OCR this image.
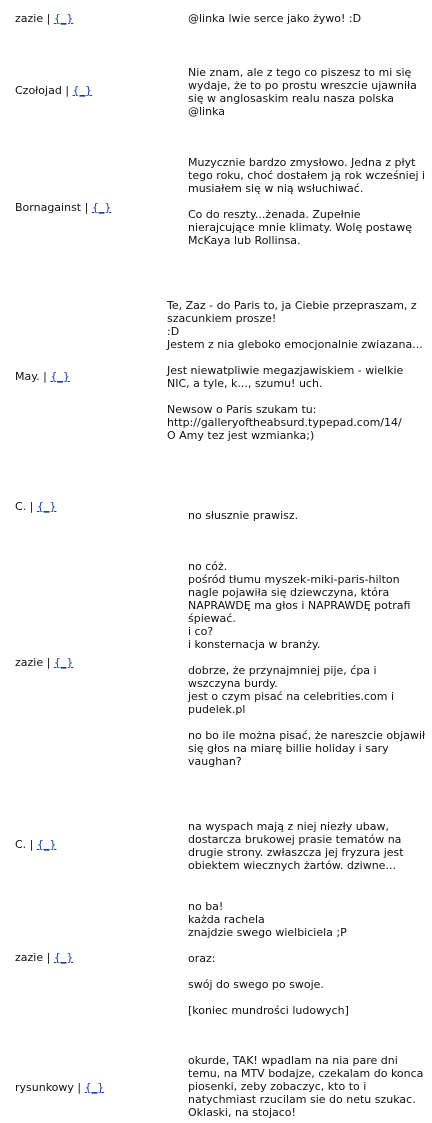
zazie | {_}	@linka lwie serce jako żywo! :D
Czołojad | {_}
Nie znam, ale z tego co piszesz to mi się wydaje, że to po prostu wreszcie ujawniła się w anglosaskim realu nasza polska @linka
Bornagainst | {_}
Muzycznie bardzo zmysłowo. Jedna z płyt tego roku, choć dostałem ją rok wcześniej i musiałem się w nią wsłuchiwać.

Co do reszty...żenada. Zupełnie nierajcujące mnie klimaty. Wolę postawę McKaya lub Rollinsa.
May. | {_}
Te, Zaz - do Paris to, ja Ciebie przepraszam, z szacunkiem prosze!
:D
Jestem z nia gleboko emocjonalnie zwiazana...

Jest niewatpliwie megazjawiskiem - wielkie NIC, a tyle, k..., szumu! uch.

Newsow o Paris szukam tu:
http://galleryoftheabsurd.typepad.com/14/
O Amy tez jest wzmianka;)
C. | {_}
no słusznie prawisz.
zazie | {_}
no cóż.
pośród tłumu myszek-miki-paris-hilton nagle pojawiła się dziewczyna, która NAPRAWDĘ ma głos i NAPRAWDĘ potrafi śpiewać.
i co?
i konsternacja w branży.

dobrze, że przynajmniej pije, ćpa i wszczyna burdy.
jest o czym pisać na celebrities.com i pudelek.pl

no bo ile można pisać, że nareszcie objawił się głos na miarę billie holiday i sary vaughan?
C. | {_}
na wyspach mają z niej niezły ubaw, dostarcza brukowej prasie tematów na drugie strony. zwłaszcza jej fryzura jest obiektem wiecznych żartów. dziwne...
zazie | {_}
no ba!
każda rachela
znajdzie swego wielbiciela ;P

oraz:

swój do swego po swoje.

[koniec mundrości ludowych]
rysunkowy | {_}
okurde, TAK! wpadlam na nia pare dni temu, na MTV bodajze, czekalam do konca piosenki, zeby zobaczyc, kto to i natychmiast rzucilam sie do netu szukac. Oklaski, na stojaco!
